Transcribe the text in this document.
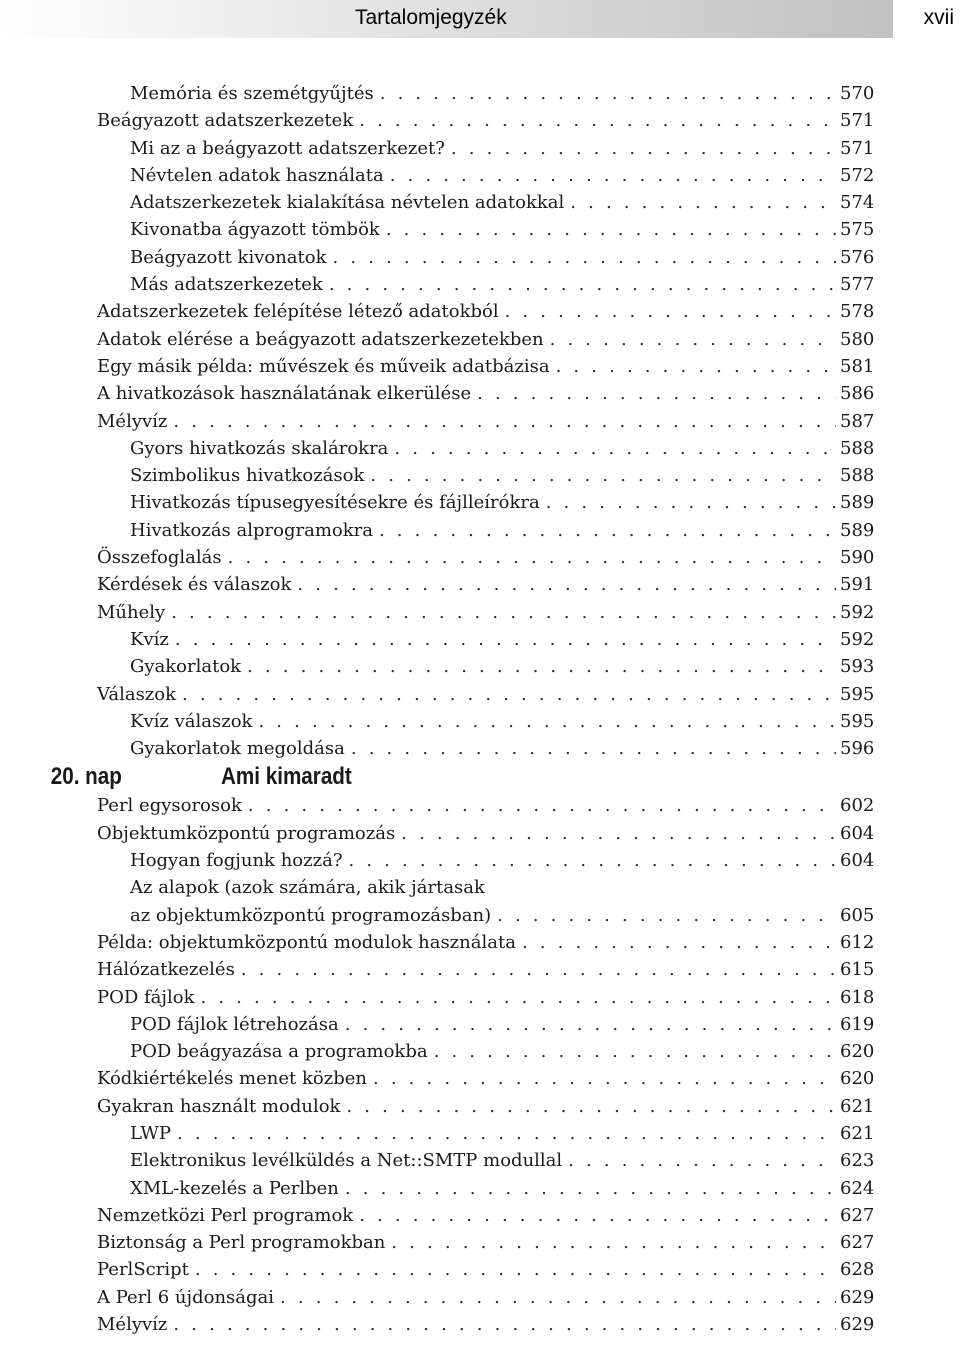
Tartalomjegyzék	xvii
Memória és szemétgyűjtés . . .	570
Beágyazott adatszerkezetek . . .	571
Mi az a beágyazott adatszerkezet? . . .	571
Névtelen adatok használata . . .	572
Adatszerkezetek kialakítása névtelen adatokkal . . .	574
Kivonatba ágyazott tömbök . . .	575
Beágyazott kivonatok . . .	576
Más adatszerkezetek . . .	577
Adatszerkezetek felépítése létező adatokból . . .	578
Adatok elérése a beágyazott adatszerkezetekben . . .	580
Egy másik példa: művészek és műveik adatbázisa . . .	581
A hivatkozások használatának elkerülése . . .	586
Mélyvíz . . .	587
Gyors hivatkozás skalárokra . . .	588
Szimbolikus hivatkozások . . .	588
Hivatkozás típusegyesítésekre és fájlleírókra . . .	589
Hivatkozás alprogramokra . . .	589
Összefoglalás . . .	590
Kérdések és válaszok . . .	591
Műhely . . .	592
Kvíz . . .	592
Gyakorlatok . . .	593
Válaszok . . .	595
Kvíz válaszok . . .	595
Gyakorlatok megoldása . . .	596
20. nap	Ami kimaradt
Perl egysorosok . . .	602
Objektumközpontú programozás . . .	604
Hogyan fogjunk hozzá? . . .	604
Az alapok (azok számára, akik jártasak
az objektumközpontú programozásban) . . .	605
Példa: objektumközpontú modulok használata . . .	612
Hálózatkezelés . . .	615
POD fájlok . . .	618
POD fájlok létrehozása . . .	619
POD beágyazása a programokba . . .	620
Kódkiértékelés menet közben . . .	620
Gyakran használt modulok . . .	621
LWP . . .	621
Elektronikus levélküldés a Net::SMTP modullal . . .	623
XML-kezelés a Perlben . . .	624
Nemzetközi Perl programok . . .	627
Biztonság a Perl programokban . . .	627
PerlScript . . .	628
A Perl 6 újdonságai . . .	629
Mélyvíz . . .	629
